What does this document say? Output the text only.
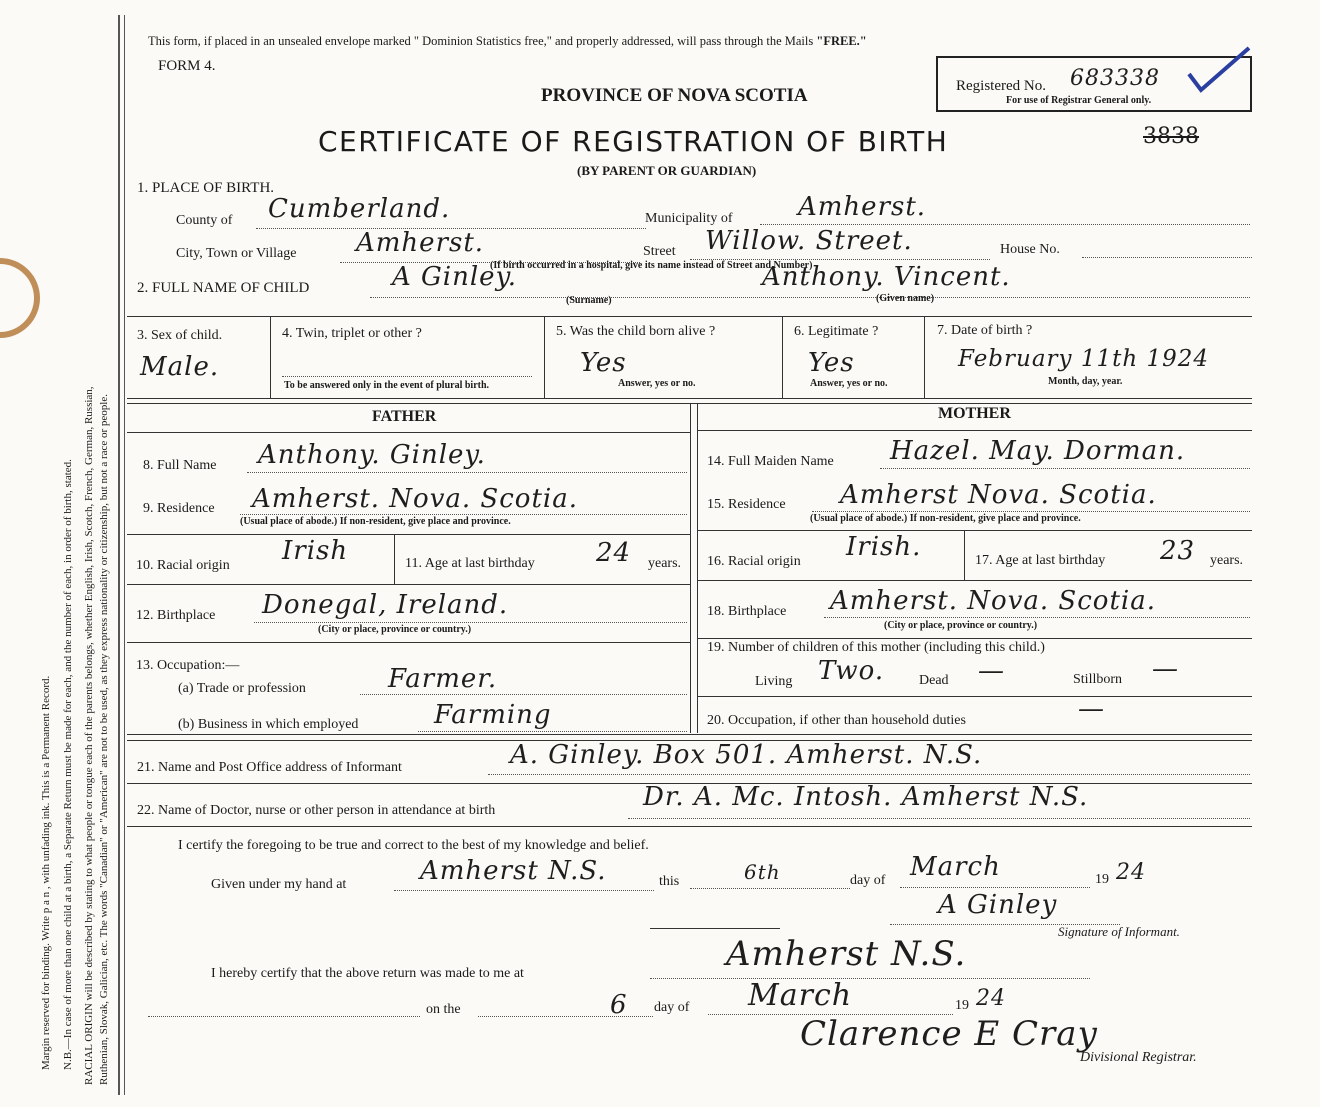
Margin reserved for binding. Write p a n , with unfading ink. This is a Permanent Record. N.B.—In case of more than one child at a birth, a Separate Return must be made for each, and the number of each, in order of birth, stated. RACIAL ORIGIN will be described by stating to what people or tongue each of the parents belongs, whether English, Irish, Scotch, French, German, Russian, Ruthenian, Slovak, Galician, etc. The words "Canadian" or "American" are not to be used, as they express nationality or citizenship, but not a race or people.
This form, if placed in an unsealed envelope marked " Dominion Statistics free," and properly addressed, will pass through the Mails "FREE."
FORM 4.
PROVINCE OF NOVA SCOTIA
CERTIFICATE OF REGISTRATION OF BIRTH
(BY PARENT OR GUARDIAN)
Registered No. 683338
For use of Registrar General only.
3838
1. PLACE OF BIRTH.
County of Cumberland.	Municipality of	Amherst.
City, Town or Village Amherst.	Street Willow. Street.	House No.
(If birth occurred in a hospital, give its name instead of Street and Number)
2. FULL NAME OF CHILD	A Ginley.
(Surname)
Anthony. Vincent.
(Given name)
3. Sex of child.
Male.
4. Twin, triplet or other ?
To be answered only in the event of plural birth.
5. Was the child born alive ?
Yes
Answer, yes or no.
6. Legitimate ?
Yes
Answer, yes or no.
7. Date of birth ?
February 11th 1924
Month, day, year.
FATHER
8. Full Name Anthony. Ginley.
9. Residence Amherst. Nova. Scotia.
(Usual place of abode.) If non-resident, give place and province.
10. Racial origin Irish	11. Age at last birthday 24 years.
12. Birthplace Donegal, Ireland.
(City or place, province or country.)
13. Occupation:—
(a) Trade or profession	Farmer.
(b) Business in which employed	Farming
MOTHER
14. Full Maiden Name Hazel. May. Dorman.
15. Residence Amherst Nova. Scotia.
(Usual place of abode.) If non-resident, give place and province.
16. Racial origin Irish.	17. Age at last birthday 23 years.
18. Birthplace Amherst. Nova. Scotia.
(City or place, province or country.)
19. Number of children of this mother (including this child.)
Living Two. Dead —	Stillborn —
20. Occupation, if other than household duties	—
21. Name and Post Office address of Informant	A. Ginley. Box 501. Amherst. N.S.
22. Name of Doctor, nurse or other person in attendance at birth	Dr. A. Mc. Intosh. Amherst N.S.
I certify the foregoing to be true and correct to the best of my knowledge and belief.
Given under my hand at	Amherst N.S.	this	6th	day of March	19 24
A Ginley
Signature of Informant.
I hereby certify that the above return was made to me at	Amherst N.S.
on the	6 day of March	19 24
Clarence E Cray
Divisional Registrar.
